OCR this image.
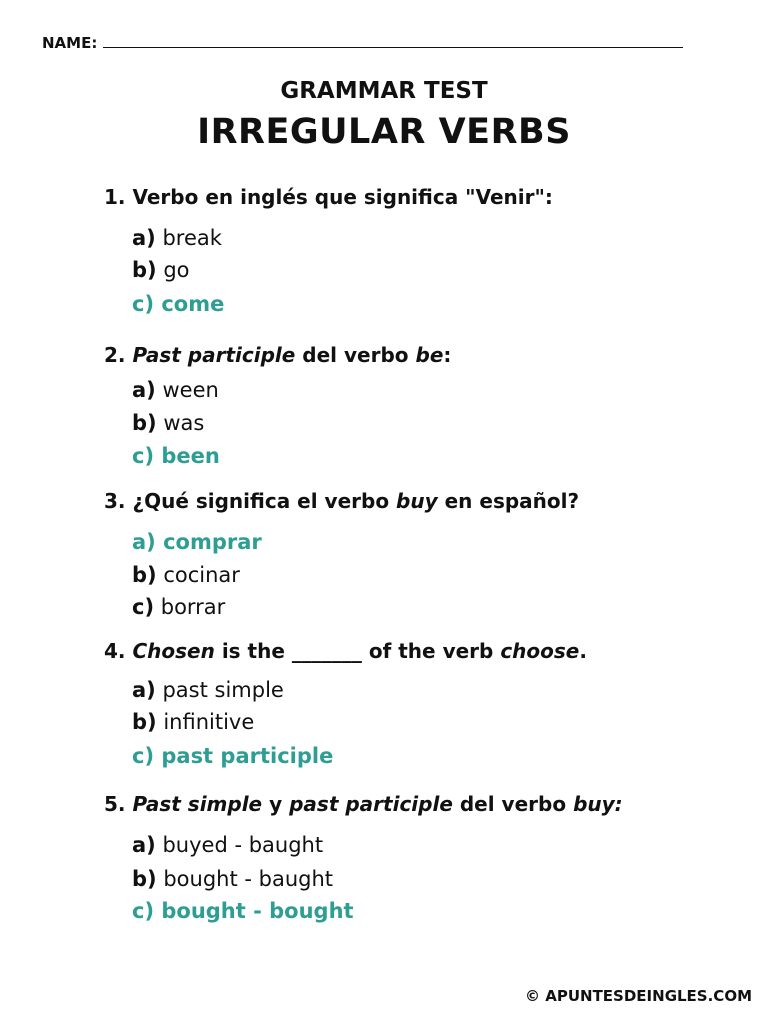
NAME:
GRAMMAR TEST
IRREGULAR VERBS
1. Verbo en inglés que significa "Venir":
a) break
b) go
c) come
2. Past participle del verbo be:
a) ween
b) was
c) been
3. ¿Qué significa el verbo buy en español?
a) comprar
b) cocinar
c) borrar
4. Chosen is the _______ of the verb choose.
a) past simple
b) infinitive
c) past participle
5. Past simple y past participle del verbo buy:
a) buyed - baught
b) bought - baught
c) bought - bought
© APUNTESDEINGLES.COM
